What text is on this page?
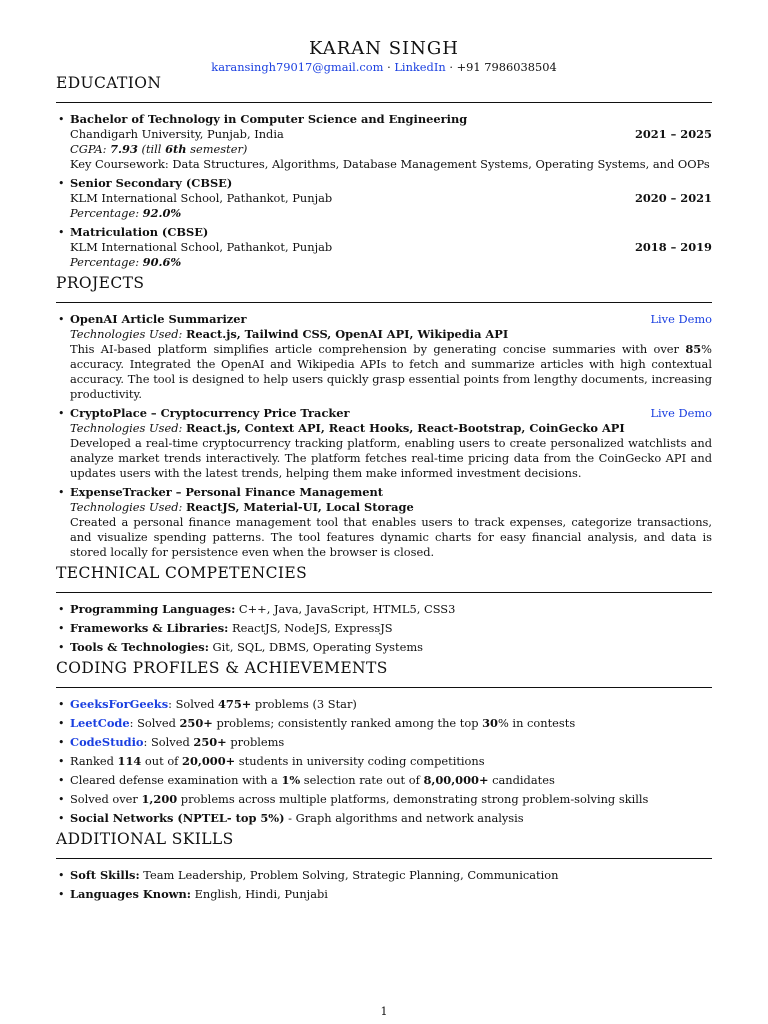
KARAN SINGH
karansingh79017@gmail.com · LinkedIn · +91 7986038504
EDUCATION
• Bachelor of Technology in Computer Science and Engineering
Chandigarh University, Punjab, India	2021 – 2025
CGPA: 7.93 (till 6th semester)
Key Coursework: Data Structures, Algorithms, Database Management Systems, Operating Systems, and OOPs
• Senior Secondary (CBSE)
KLM International School, Pathankot, Punjab	2020 – 2021
Percentage: 92.0%
• Matriculation (CBSE)
KLM International School, Pathankot, Punjab	2018 – 2019
Percentage: 90.6%
PROJECTS
• OpenAI Article Summarizer	Live Demo
Technologies Used: React.js, Tailwind CSS, OpenAI API, Wikipedia API
This AI-based platform simplifies article comprehension by generating concise summaries with over 85% accuracy. Integrated the OpenAI and Wikipedia APIs to fetch and summarize articles with high contextual accuracy. The tool is designed to help users quickly grasp essential points from lengthy documents, increasing productivity.
• CryptoPlace – Cryptocurrency Price Tracker	Live Demo
Technologies Used: React.js, Context API, React Hooks, React-Bootstrap, CoinGecko API
Developed a real-time cryptocurrency tracking platform, enabling users to create personalized watchlists and analyze market trends interactively. The platform fetches real-time pricing data from the CoinGecko API and updates users with the latest trends, helping them make informed investment decisions.
• ExpenseTracker – Personal Finance Management
Technologies Used: ReactJS, Material-UI, Local Storage
Created a personal finance management tool that enables users to track expenses, categorize transactions, and visualize spending patterns. The tool features dynamic charts for easy financial analysis, and data is stored locally for persistence even when the browser is closed.
TECHNICAL COMPETENCIES
• Programming Languages: C++, Java, JavaScript, HTML5, CSS3
• Frameworks & Libraries: ReactJS, NodeJS, ExpressJS
• Tools & Technologies: Git, SQL, DBMS, Operating Systems
CODING PROFILES & ACHIEVEMENTS
• GeeksForGeeks: Solved 475+ problems (3 Star)
• LeetCode: Solved 250+ problems; consistently ranked among the top 30% in contests
• CodeStudio: Solved 250+ problems
• Ranked 114 out of 20,000+ students in university coding competitions
• Cleared defense examination with a 1% selection rate out of 8,00,000+ candidates
• Solved over 1,200 problems across multiple platforms, demonstrating strong problem-solving skills
• Social Networks (NPTEL- top 5%) - Graph algorithms and network analysis
ADDITIONAL SKILLS
• Soft Skills: Team Leadership, Problem Solving, Strategic Planning, Communication
• Languages Known: English, Hindi, Punjabi
1
